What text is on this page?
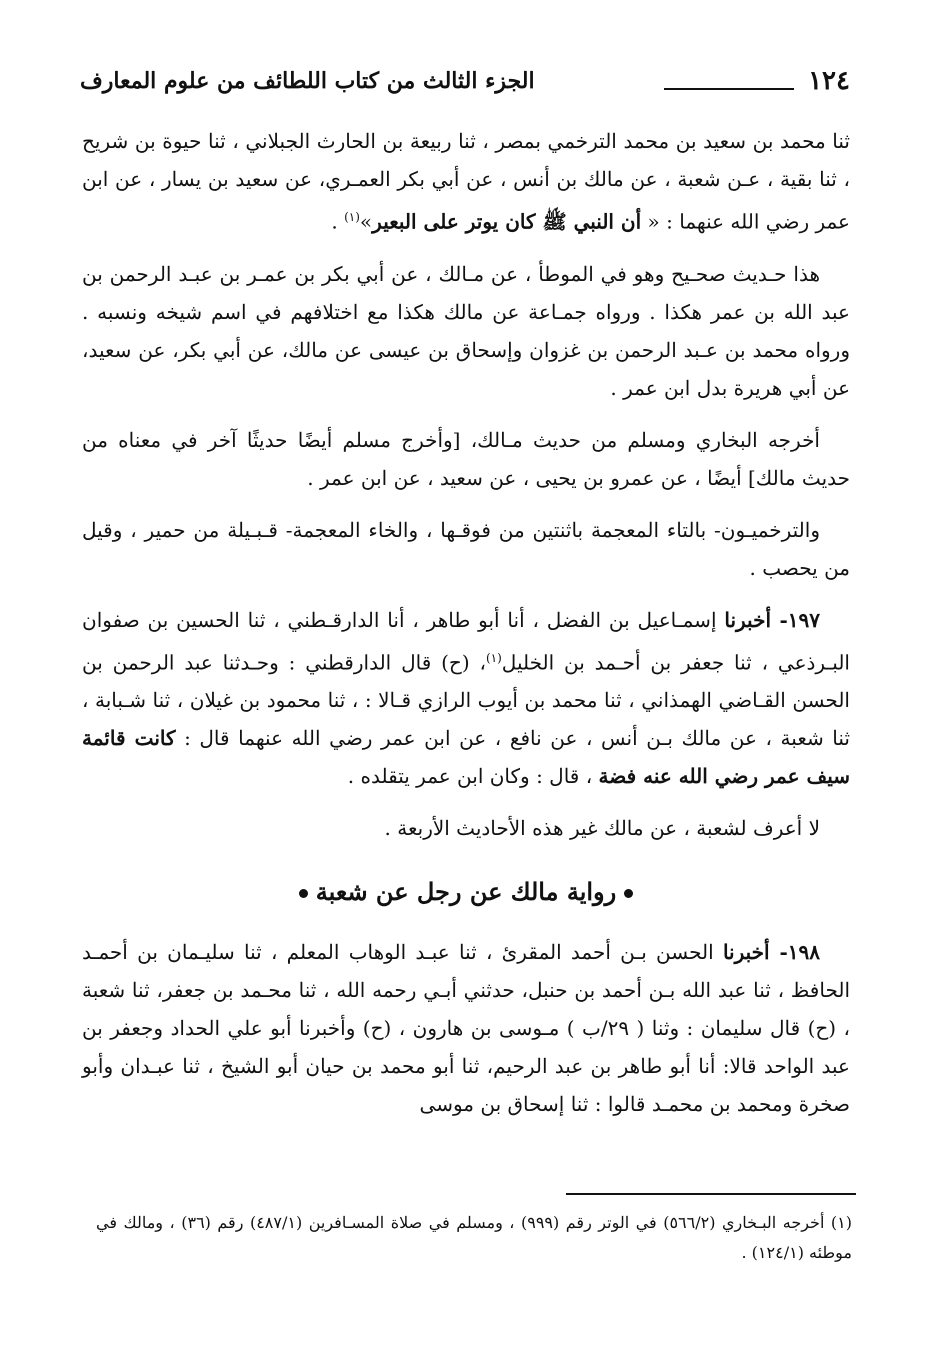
١٢٤
الجزء الثالث من كتاب اللطائف من علوم المعارف

ثنا محمد بن سعيد بن محمد الترخمي بمصر ، ثنا ربيعة بن الحارث الجبلاني ، ثنا حيوة بن شريح ، ثنا بقية ، عـن شعبة ، عن مالك بن أنس ، عن أبي بكر العمـري، عن سعيد بن يسار ، عن ابن عمر رضي الله عنهما : « أن النبي ﷺ كان يوتر على البعير»$^{(١)}$ .

هذا حـديث صحـيح وهو في الموطأ ، عن مـالك ، عن أبي بكر بن عمـر بن عبـد الرحمن بن عبد الله بن عمر هكذا . ورواه جمـاعة عن مالك هكذا مع اختلافهم في اسم شيخه ونسبه . ورواه محمد بن عـبد الرحمن بن غزوان وإسحاق بن عيسى عن مالك، عن أبي بكر، عن سعيد، عن أبي هريرة بدل ابن عمر .

أخرجه البخاري ومسلم من حديث مـالك، [وأخرج مسلم أيضًا حديثًا آخر في معناه من حديث مالك] أيضًا ، عن عمرو بن يحيى ، عن سعيد ، عن ابن عمر .

والترخميـون- بالتاء المعجمة باثنتين من فوقـها ، والخاء المعجمة- قـبـيلة من حمير ، وقيل من يحصب .

١٩٧- أخبرنا إسمـاعيل بن الفضل ، أنا أبو طاهر ، أنا الدارقـطني ، ثنا الحسين بن صفوان البـرذعي ، ثنا جعفر بن أحـمد بن الخليل$^{(١)}$، (ح) قال الدارقطني : وحـدثنا عبد الرحمن بن الحسن القـاضي الهمذاني ، ثنا محمد بن أيوب الرازي قـالا : ، ثنا محمود بن غيلان ، ثنا شـبابة ، ثنا شعبة ، عن مالك بـن أنس ، عن نافع ، عن ابن عمر رضي الله عنهما قال : كانت قائمة سيف عمر رضي الله عنه فضة ، قال : وكان ابن عمر يتقلده .

لا أعرف لشعبة ، عن مالك غير هذه الأحاديث الأربعة .

رواية مالك عن رجل عن شعبة

١٩٨- أخبرنا الحسن بـن أحمد المقرئ ، ثنا عبـد الوهاب المعلم ، ثنا سليـمان بن أحمـد الحافظ ، ثنا عبد الله بـن أحمد بن حنبل، حدثني أبـي رحمه الله ، ثنا محـمد بن جعفر، ثنا شعبة ، (ح) قال سليمان : وثنا ( ٢٩/ب ) مـوسى بن هارون ، (ح) وأخبرنا أبو علي الحداد وجعفر بن عبد الواحد قالا: أنا أبو طاهر بن عبد الرحيم، ثنا أبو محمد بن حيان أبو الشيخ ، ثنا عبـدان وأبو صخرة ومحمد بن محمـد قالوا : ثنا إسحاق بن موسى

(١) أخرجه البـخاري (٥٦٦/٢) في الوتر رقم (٩٩٩) ، ومسلم في صلاة المسـافرين (٤٨٧/١) رقم (٣٦) ، ومالك في موطئه (١٢٤/١) .
